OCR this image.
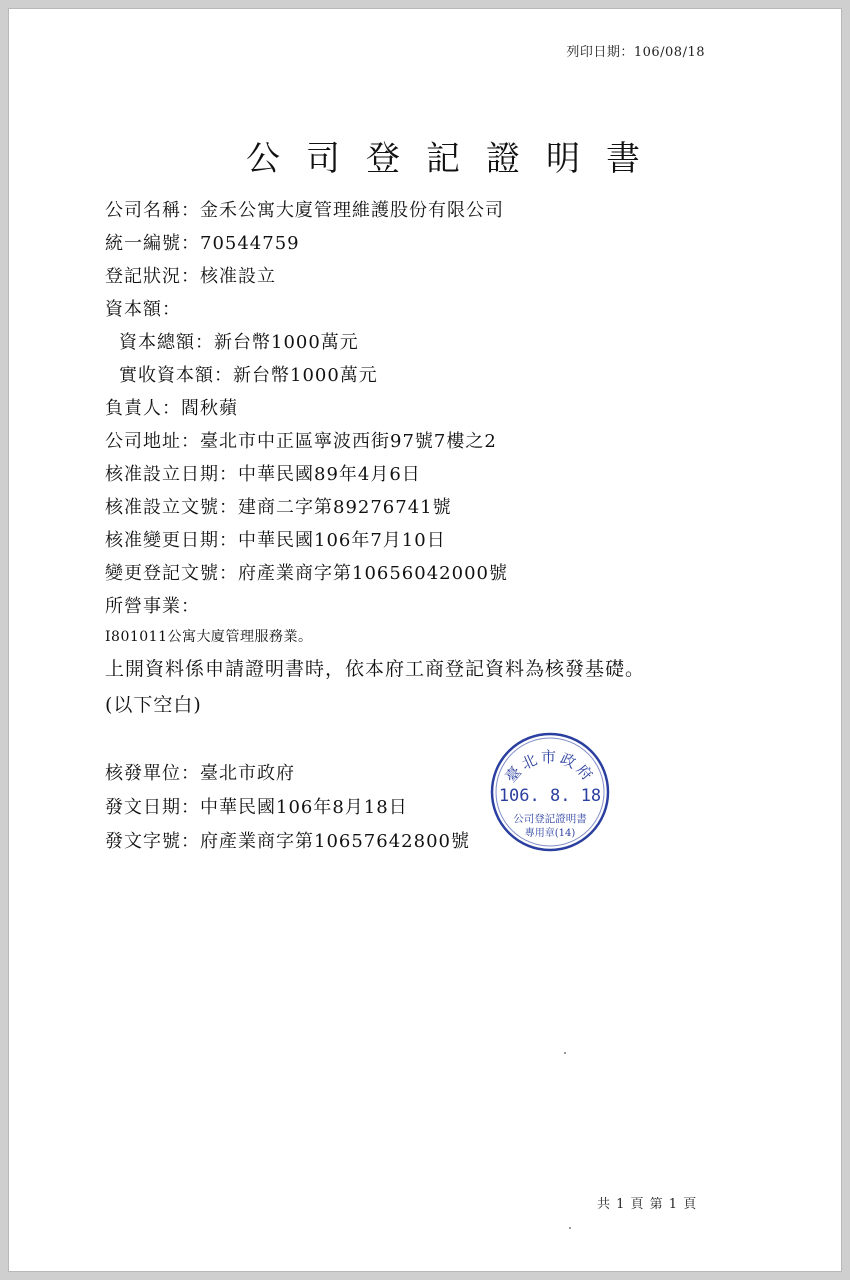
列印日期：106/08/18
公司登記證明書
公司名稱：金禾公寓大廈管理維護股份有限公司
統一編號：70544759
登記狀況：核准設立
資本額：
資本總額：新台幣1000萬元
實收資本額：新台幣1000萬元
負責人：閻秋蘋
公司地址：臺北市中正區寧波西街97號7樓之2
核准設立日期：中華民國89年4月6日
核准設立文號：建商二字第89276741號
核准變更日期：中華民國106年7月10日
變更登記文號：府產業商字第10656042000號
所營事業：
I801011公寓大廈管理服務業。
上開資料係申請證明書時，依本府工商登記資料為核發基礎。
(以下空白)
核發單位：臺北市政府
發文日期：中華民國106年8月18日
發文字號：府產業商字第10657642800號
臺北市政府
106. 8. 18
公司登記證明書
專用章(14)
共 1 頁 第 1 頁
